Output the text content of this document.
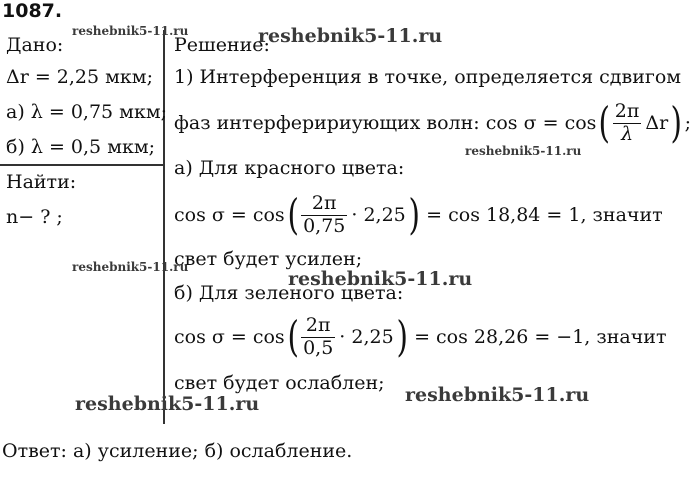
1087.
Дано:
Δr = 2,25 мкм;
а) λ = 0,75 мкм;
б) λ = 0,5 мкм;
Найти:
n− ? ;
Решение:
1) Интерференция в точке, определяется сдвигом
фаз интерферириующих волн: cos σ = cos ( $\frac{2\pi}{\lambda}$ Δr ) ;
а) Для красного цвета:
cos σ = cos ( $\frac{2\pi}{0,75} \cdot 2,25$ ) = cos 18,84 = 1, значит
свет будет усилен;
б) Для зеленого цвета:
cos σ = cos ( $\frac{2\pi}{0,5} \cdot 2,25$ ) = cos 28,26 = −1, значит
свет будет ослаблен;
Ответ: а) усиление; б) ослабление.
reshebnik5-11.ru	reshebnik5-11.ru
reshebnik5-11.ru
reshebnik5-11.ru
reshebnik5-11.ru
reshebnik5-11.ru
reshebnik5-11.ru
